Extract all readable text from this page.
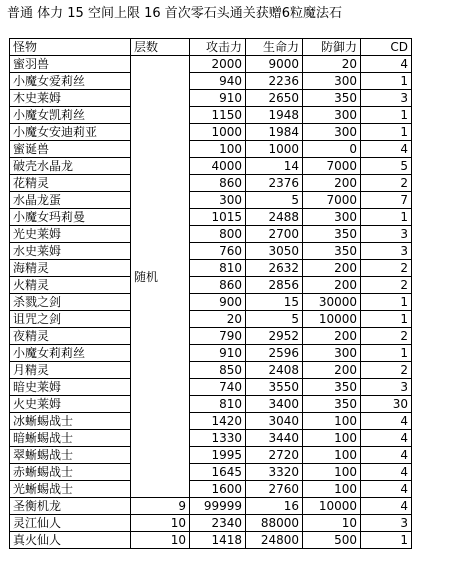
普通 体力 15 空间上限 16 首次零石头通关获赠6粒魔法石
怪物	层数	攻击力	生命力	防御力	CD
蜜羽兽	随机	2000	9000	20	4
小魔女爱莉丝		940	2236	300	1
木史莱姆		910	2650	350	3
小魔女凯莉丝		1150	1948	300	1
小魔女安迪莉亚		1000	1984	300	1
蜜诞兽		100	1000	0	4
破壳水晶龙		4000	14	7000	5
花精灵		860	2376	200	2
水晶龙蛋		300	5	7000	7
小魔女玛莉曼		1015	2488	300	1
光史莱姆		800	2700	350	3
水史莱姆		760	3050	350	3
海精灵		810	2632	200	2
火精灵		860	2856	200	2
杀戮之剑		900	15	30000	1
诅咒之剑		20	5	10000	1
夜精灵		790	2952	200	2
小魔女莉莉丝		910	2596	300	1
月精灵		850	2408	200	2
暗史莱姆		740	3550	350	3
火史莱姆		810	3400	350	30
冰蜥蜴战士		1420	3040	100	4
暗蜥蜴战士		1330	3440	100	4
翠蜥蜴战士		1995	2720	100	4
赤蜥蜴战士		1645	3320	100	4
光蜥蜴战士		1600	2760	100	4
圣衡机龙	9	99999	16	10000	4
灵江仙人	10	2340	88000	10	3
真火仙人	10	1418	24800	500	1
